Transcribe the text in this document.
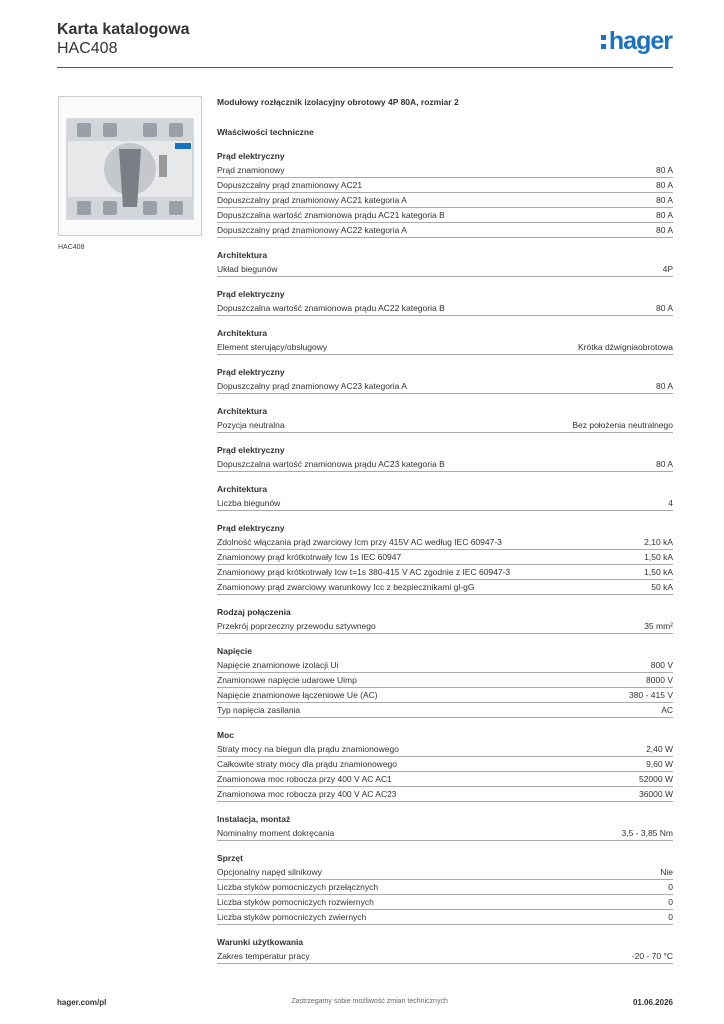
Karta katalogowa
HAC408	hager
HAC408
Modułowy rozłącznik izolacyjny obrotowy 4P 80A, rozmiar 2
Właściwości techniczne
Prąd elektryczny
Prąd znamionowy	80 A
Dopuszczalny prąd znamionowy AC21	80 A
Dopuszczalny prąd znamionowy AC21 kategoria A	80 A
Dopuszczalna wartość znamionowa prądu AC21 kategoria B	80 A
Dopuszczalny prąd znamionowy AC22 kategoria A	80 A
Architektura
Układ biegunów	4P
Prąd elektryczny
Dopuszczalna wartość znamionowa prądu AC22 kategoria B	80 A
Architektura
Element sterujący/obsługowy	Krótka dźwigniaobrotowa
Prąd elektryczny
Dopuszczalny prąd znamionowy AC23 kategoria A	80 A
Architektura
Pozycja neutralna	Bez położenia neutralnego
Prąd elektryczny
Dopuszczalna wartość znamionowa prądu AC23 kategoria B	80 A
Architektura
Liczba biegunów	4
Prąd elektryczny
Zdolność włączania prąd zwarciowy Icm przy 415V AC według IEC 60947-3	2,10 kA
Znamionowy prąd krótkotrwały Icw 1s IEC 60947	1,50 kA
Znamionowy prąd krótkotrwały Icw t=1s 380-415 V AC zgodnie z IEC 60947-3	1,50 kA
Znamionowy prąd zwarciowy warunkowy Icc z bezpiecznikami gl-gG	50 kA
Rodzaj połączenia
Przekrój poprzeczny przewodu sztywnego	35 mm²
Napięcie
Napięcie znamionowe izolacji Ui	800 V
Znamionowe napięcie udarowe Uimp	8000 V
Napięcie znamionowe łączeniowe Ue (AC)	380 - 415 V
Typ napięcia zasilania	AC
Moc
Straty mocy na biegun dla prądu znamionowego	2,40 W
Całkowite straty mocy dla prądu znamionowego	9,60 W
Znamionowa moc robocza przy 400 V AC AC1	52000 W
Znamionowa moc robocza przy 400 V AC AC23	36000 W
Instalacja, montaż
Nominalny moment dokręcania	3,5 - 3,85 Nm
Sprzęt
Opcjonalny napęd silnikowy	Nie
Liczba styków pomocniczych przełącznych	0
Liczba styków pomocniczych rozwiernych	0
Liczba styków pomocniczych zwiernych	0
Warunki użytkowania
Zakres temperatur pracy	-20 - 70 °C
hager.com/pl	Zastrzegamy sobie możliwość zmian technicznych	01.06.2026
